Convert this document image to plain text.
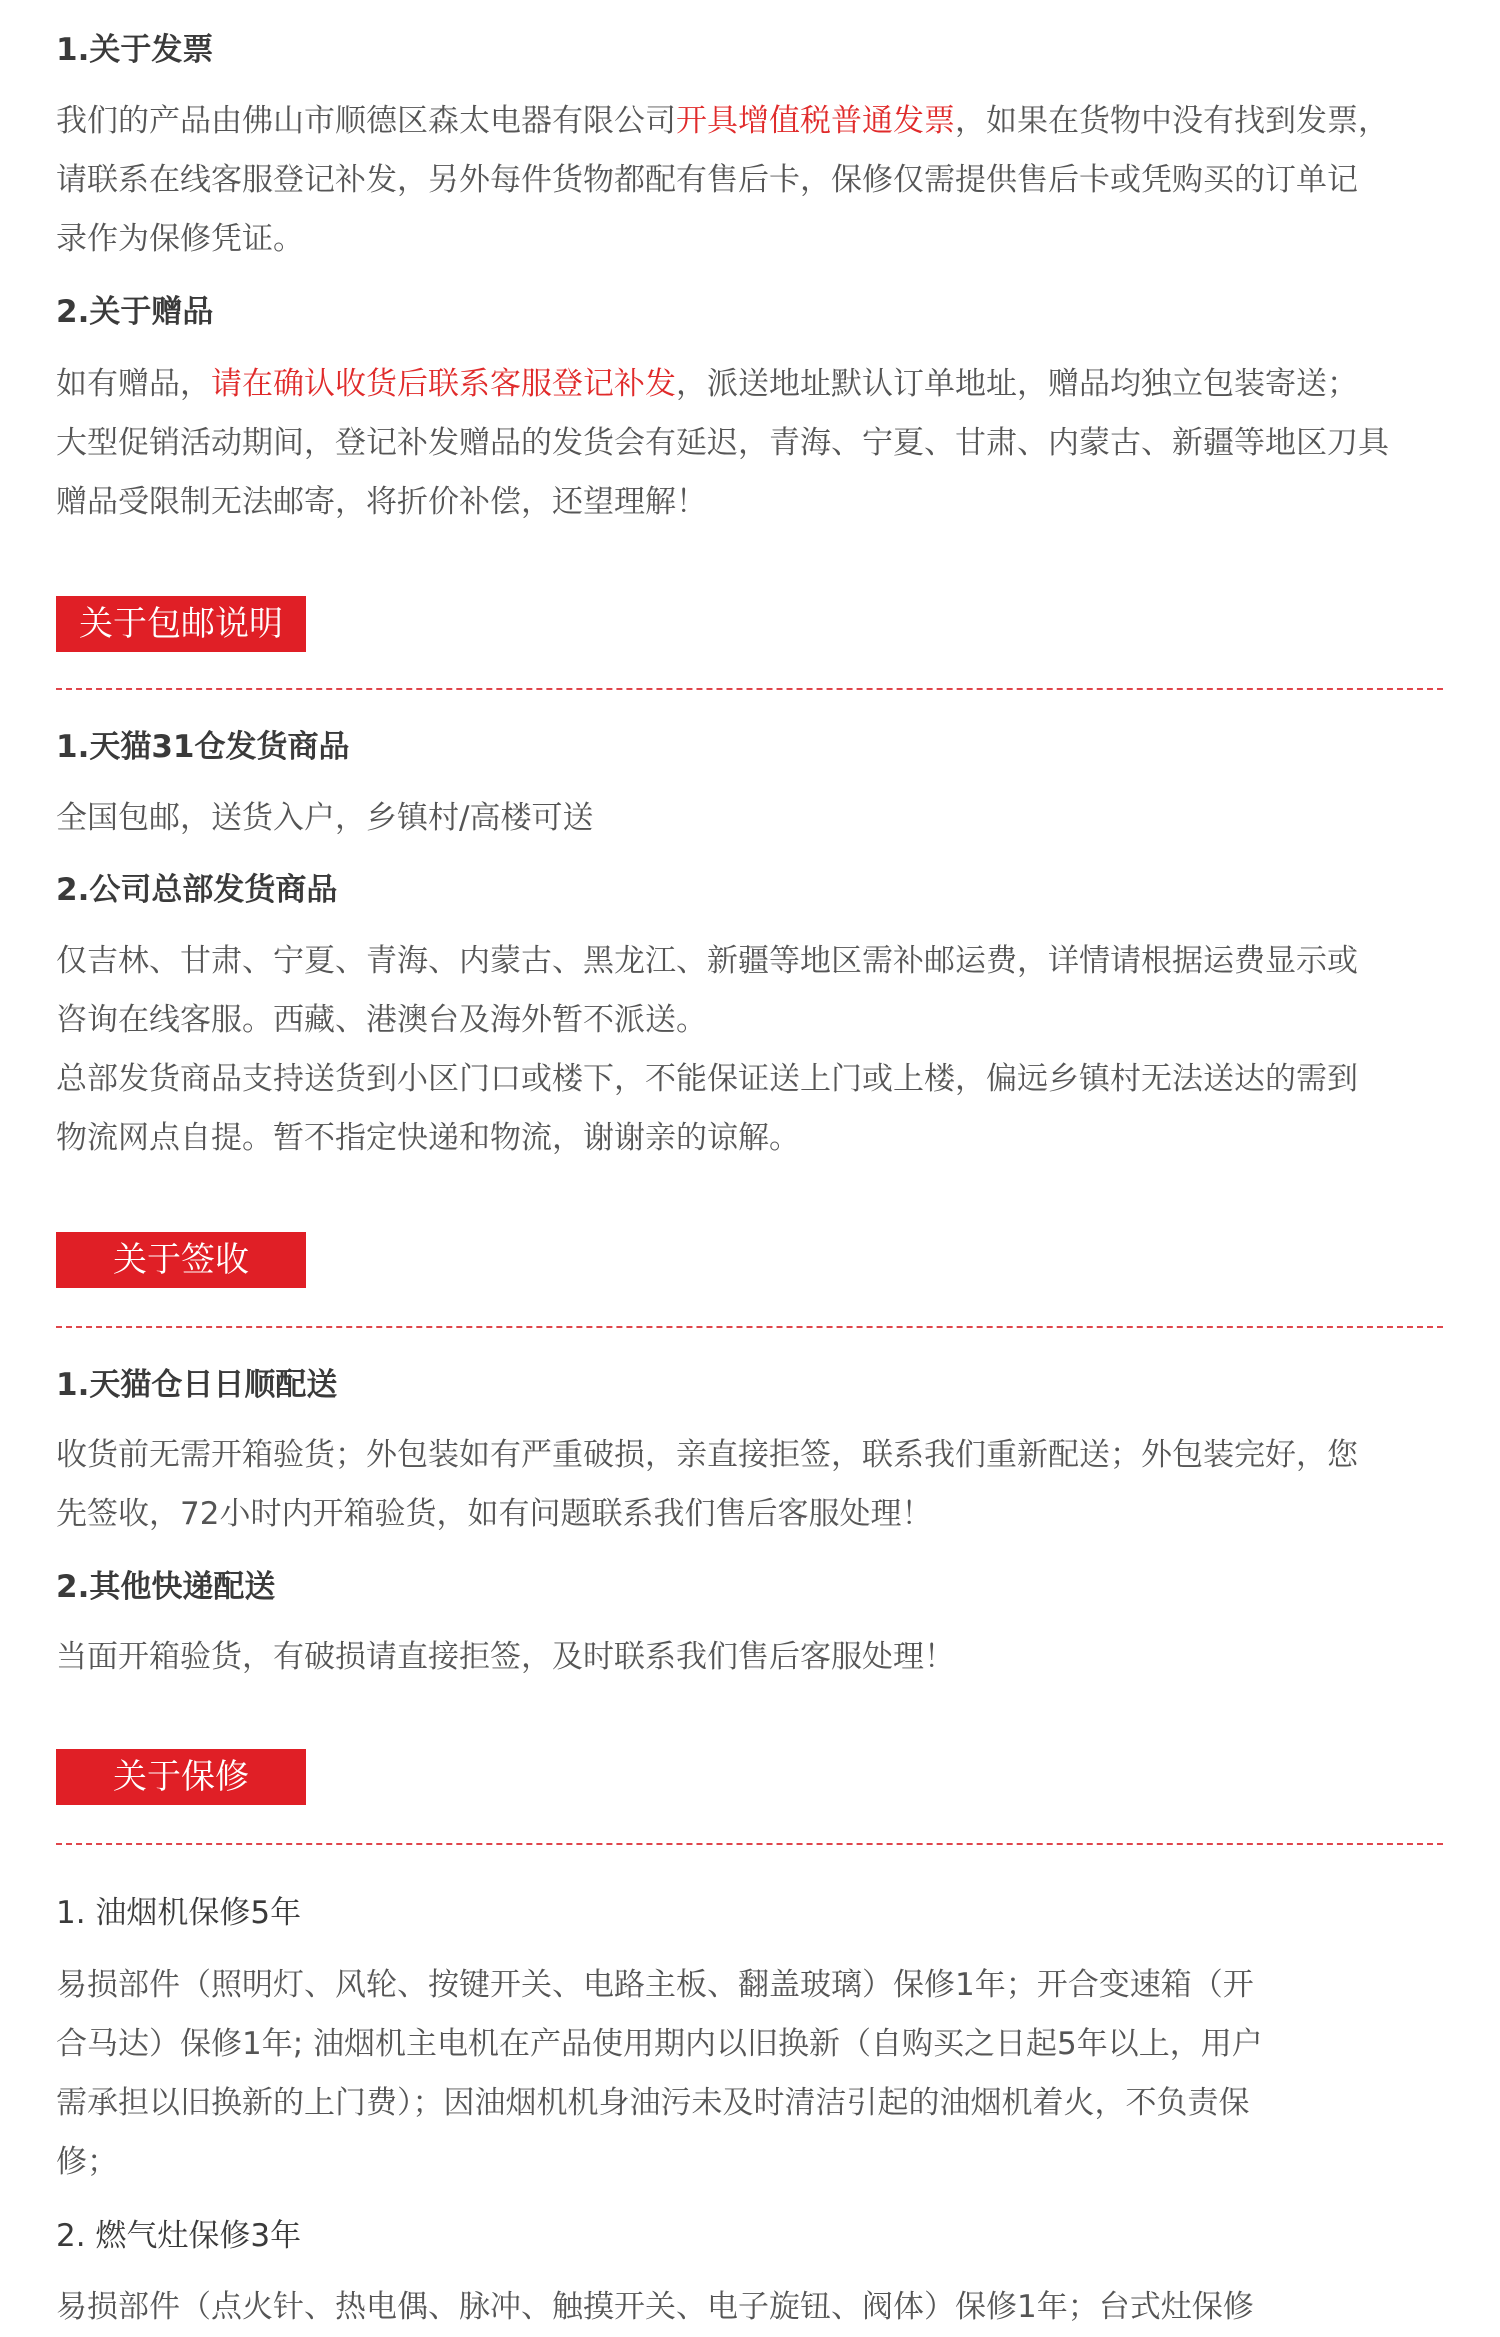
1.关于发票
我们的产品由佛山市顺德区森太电器有限公司开具增值税普通发票，如果在货物中没有找到发票，
请联系在线客服登记补发，另外每件货物都配有售后卡，保修仅需提供售后卡或凭购买的订单记
录作为保修凭证。
2.关于赠品
如有赠品，请在确认收货后联系客服登记补发，派送地址默认订单地址，赠品均独立包装寄送；
大型促销活动期间，登记补发赠品的发货会有延迟，青海、宁夏、甘肃、内蒙古、新疆等地区刀具
赠品受限制无法邮寄，将折价补偿，还望理解！
关于包邮说明
1.天猫31仓发货商品
全国包邮，送货入户，乡镇村/高楼可送
2.公司总部发货商品
仅吉林、甘肃、宁夏、青海、内蒙古、黑龙江、新疆等地区需补邮运费，详情请根据运费显示或
咨询在线客服。西藏、港澳台及海外暂不派送。
总部发货商品支持送货到小区门口或楼下，不能保证送上门或上楼，偏远乡镇村无法送达的需到
物流网点自提。暂不指定快递和物流，谢谢亲的谅解。
关于签收
1.天猫仓日日顺配送
收货前无需开箱验货；外包装如有严重破损，亲直接拒签，联系我们重新配送；外包装完好，您
先签收，72小时内开箱验货，如有问题联系我们售后客服处理！
2.其他快递配送
当面开箱验货，有破损请直接拒签，及时联系我们售后客服处理！
关于保修
1. 油烟机保修5年
易损部件（照明灯、风轮、按键开关、电路主板、翻盖玻璃）保修1年；开合变速箱（开
合马达）保修1年; 油烟机主电机在产品使用期内以旧换新（自购买之日起5年以上，用户
需承担以旧换新的上门费）；因油烟机机身油污未及时清洁引起的油烟机着火，不负责保
修；
2. 燃气灶保修3年
易损部件（点火针、热电偶、脉冲、触摸开关、电子旋钮、阀体）保修1年；台式灶保修
